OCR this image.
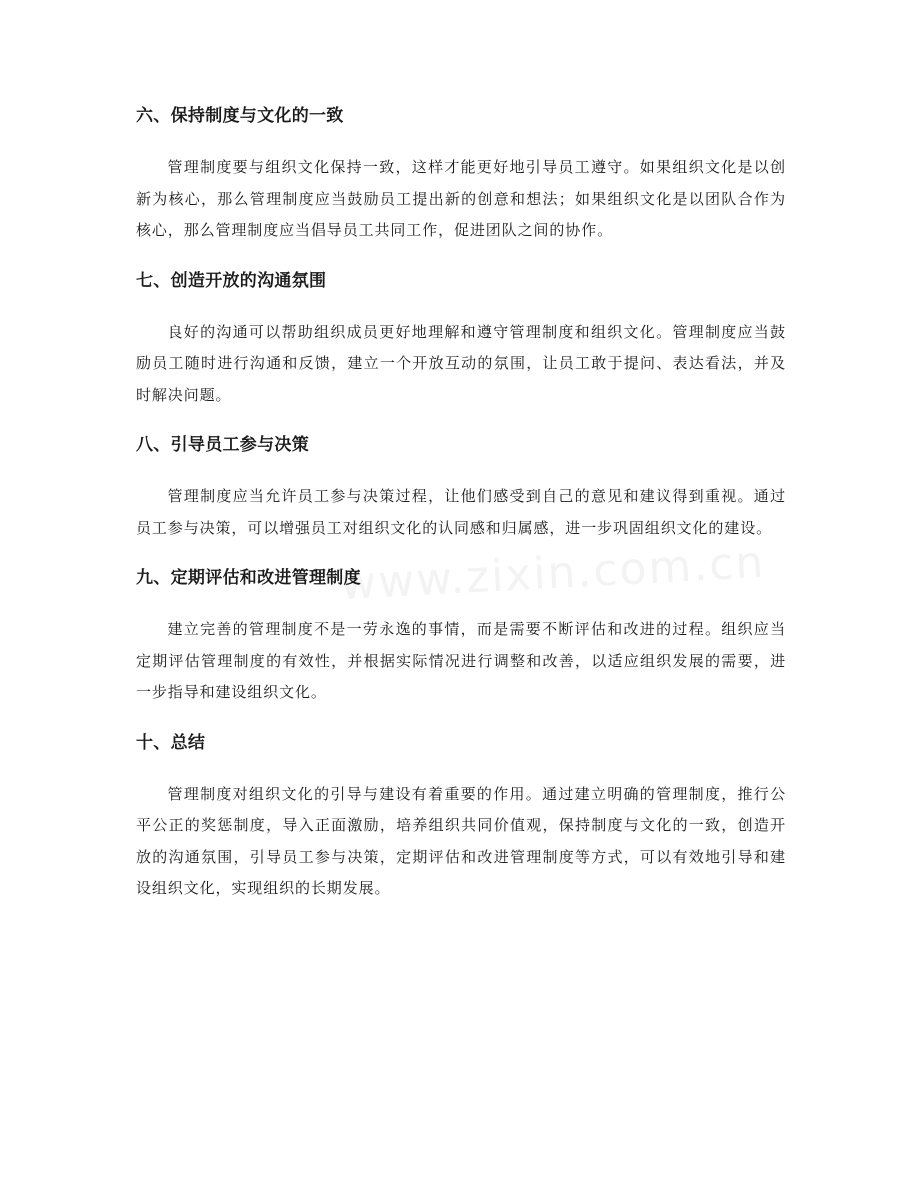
www.zixin.com.cn
六、保持制度与文化的一致

管理制度要与组织文化保持一致，这样才能更好地引导员工遵守。如果组织文化是以创新为核心，那么管理制度应当鼓励员工提出新的创意和想法；如果组织文化是以团队合作为核心，那么管理制度应当倡导员工共同工作，促进团队之间的协作。

七、创造开放的沟通氛围

良好的沟通可以帮助组织成员更好地理解和遵守管理制度和组织文化。管理制度应当鼓励员工随时进行沟通和反馈，建立一个开放互动的氛围，让员工敢于提问、表达看法，并及时解决问题。

八、引导员工参与决策

管理制度应当允许员工参与决策过程，让他们感受到自己的意见和建议得到重视。通过员工参与决策，可以增强员工对组织文化的认同感和归属感，进一步巩固组织文化的建设。

九、定期评估和改进管理制度

建立完善的管理制度不是一劳永逸的事情，而是需要不断评估和改进的过程。组织应当定期评估管理制度的有效性，并根据实际情况进行调整和改善，以适应组织发展的需要，进一步指导和建设组织文化。

十、总结

管理制度对组织文化的引导与建设有着重要的作用。通过建立明确的管理制度，推行公平公正的奖惩制度，导入正面激励，培养组织共同价值观，保持制度与文化的一致，创造开放的沟通氛围，引导员工参与决策，定期评估和改进管理制度等方式，可以有效地引导和建设组织文化，实现组织的长期发展。
